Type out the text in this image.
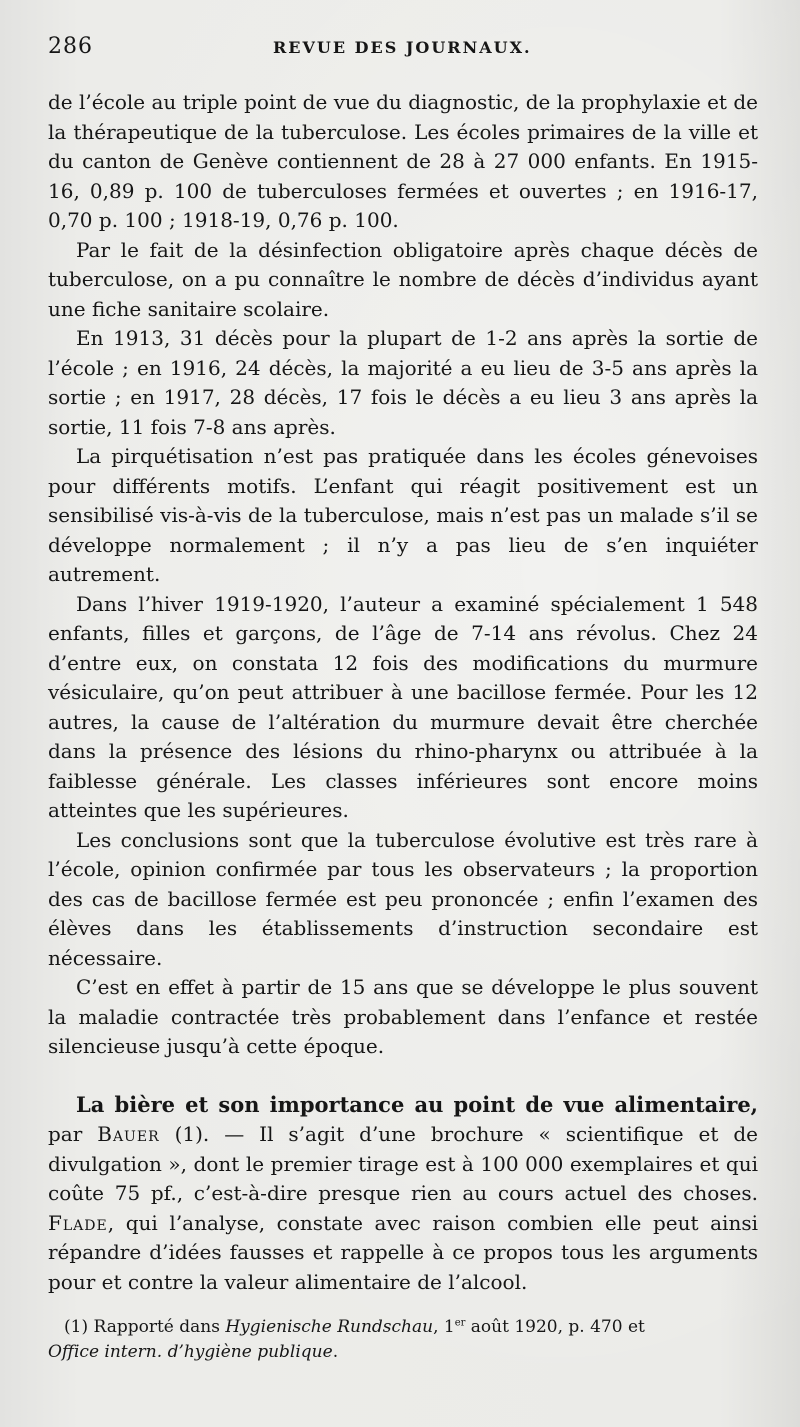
286	REVUE DES JOURNAUX.

de l’école au triple point de vue du diagnostic, de la prophylaxie et de la thérapeutique de la tuberculose. Les écoles primaires de la ville et du canton de Genève contiennent de 28 à 27 000 enfants. En 1915-16, 0,89 p. 100 de tuberculoses fermées et ouvertes ; en 1916-17, 0,70 p. 100 ; 1918-19, 0,76 p. 100.

Par le fait de la désinfection obligatoire après chaque décès de tuberculose, on a pu connaître le nombre de décès d’individus ayant une fiche sanitaire scolaire.

En 1913, 31 décès pour la plupart de 1-2 ans après la sortie de l’école ; en 1916, 24 décès, la majorité a eu lieu de 3-5 ans après la sortie ; en 1917, 28 décès, 17 fois le décès a eu lieu 3 ans après la sortie, 11 fois 7-8 ans après.

La pirquétisation n’est pas pratiquée dans les écoles génevoises pour différents motifs. L’enfant qui réagit positivement est un sensibilisé vis-à-vis de la tuberculose, mais n’est pas un malade s’il se développe normalement ; il n’y a pas lieu de s’en inquiéter autrement.

Dans l’hiver 1919-1920, l’auteur a examiné spécialement 1 548 enfants, filles et garçons, de l’âge de 7-14 ans révolus. Chez 24 d’entre eux, on constata 12 fois des modifications du murmure vésiculaire, qu’on peut attribuer à une bacillose fermée. Pour les 12 autres, la cause de l’altération du murmure devait être cherchée dans la présence des lésions du rhino-pharynx ou attribuée à la faiblesse générale. Les classes inférieures sont encore moins atteintes que les supérieures.

Les conclusions sont que la tuberculose évolutive est très rare à l’école, opinion confirmée par tous les observateurs ; la proportion des cas de bacillose fermée est peu prononcée ; enfin l’examen des élèves dans les établissements d’instruction secondaire est nécessaire.

C’est en effet à partir de 15 ans que se développe le plus souvent la maladie contractée très probablement dans l’enfance et restée silencieuse jusqu’à cette époque.

La bière et son importance au point de vue alimentaire, par Bauer (1). — Il s’agit d’une brochure « scientifique et de divulgation », dont le premier tirage est à 100 000 exemplaires et qui coûte 75 pf., c’est-à-dire presque rien au cours actuel des choses. Flade, qui l’analyse, constate avec raison combien elle peut ainsi répandre d’idées fausses et rappelle à ce propos tous les arguments pour et contre la valeur alimentaire de l’alcool.

(1) Rapporté dans Hygienische Rundschau, 1er août 1920, p. 470 et
Office intern. d’hygiène publique.
